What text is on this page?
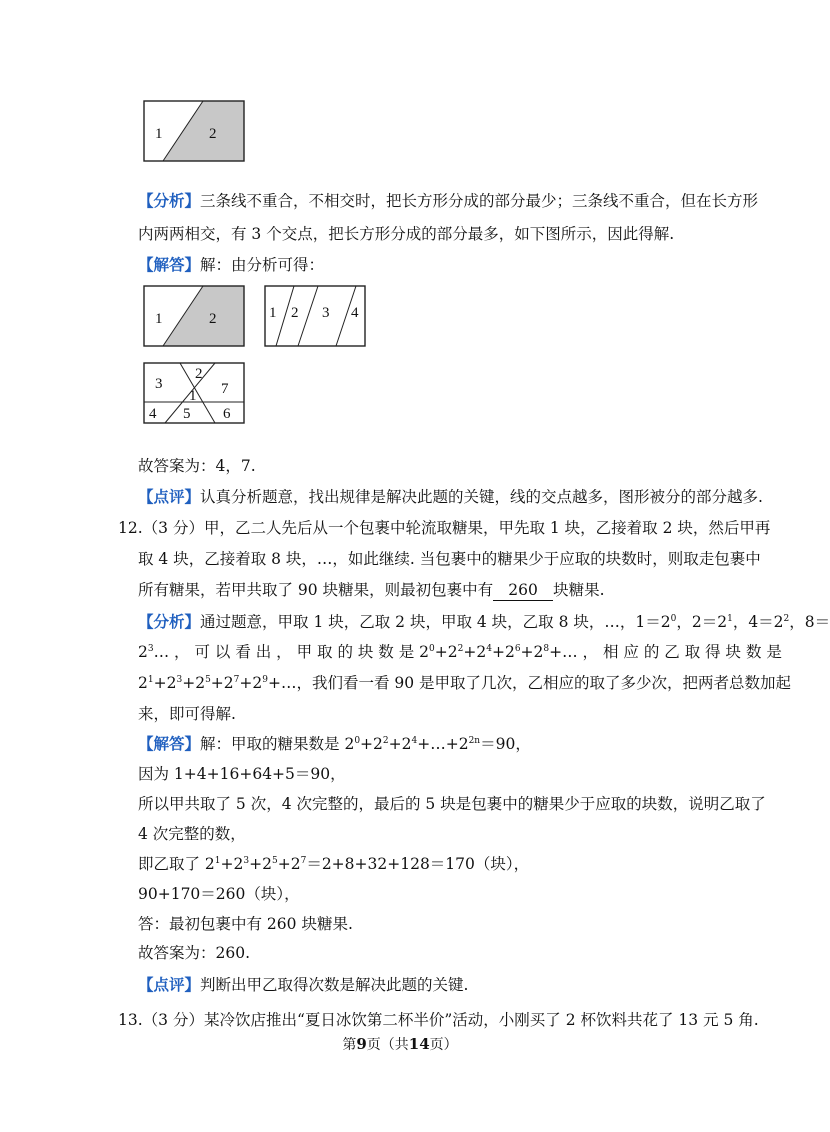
1	2
【分析】三条线不重合，不相交时，把长方形分成的部分最少；三条线不重合，但在长方形
内两两相交，有 3 个交点，把长方形分成的部分最多，如下图所示，因此得解.
【解答】解：由分析可得：
1	2	1 2 3 4
3
2
1 7
4 5 6
故答案为：4，7.
【点评】认真分析题意，找出规律是解决此题的关键，线的交点越多，图形被分的部分越多.
12.（3 分）甲，乙二人先后从一个包裹中轮流取糖果，甲先取 1 块，乙接着取 2 块，然后甲再
取 4 块，乙接着取 8 块，…，如此继续. 当包裹中的糖果少于应取的块数时，则取走包裹中
所有糖果，若甲共取了 90 块糖果，则最初包裹中有 260 块糖果.
【分析】通过题意，甲取 1 块，乙取 2 块，甲取 4 块，乙取 8 块，…，$1=2^0$，$2=2^1$，$4=2^2$，8＝
$2^3\dots$ ， 可 以 看 出 ， 甲 取 的 块 数 是 $2^0+2^2+2^4+2^6+2^8+\dots$ ， 相 应 的 乙 取 得 块 数 是
$2^1+2^3+2^5+2^7+2^9+\dots$，我们看一看 90 是甲取了几次，乙相应的取了多少次，把两者总数加起
来，即可得解.
【解答】解：甲取的糖果数是 $2^0+2^2+2^4+\dots+2^{2n}=90$，
因为 1+4+16+64+5＝90，
所以甲共取了 5 次，4 次完整的，最后的 5 块是包裹中的糖果少于应取的块数，说明乙取了
4 次完整的数，
即乙取了 $2^1+2^3+2^5+2^7=2+8+32+128=170$（块），
90+170＝260（块），
答：最初包裹中有 260 块糖果.
故答案为：260.
【点评】判断出甲乙取得次数是解决此题的关键.
13.（3 分）某冷饮店推出“夏日冰饮第二杯半价”活动，小刚买了 2 杯饮料共花了 13 元 5 角.
第9页（共14页）
